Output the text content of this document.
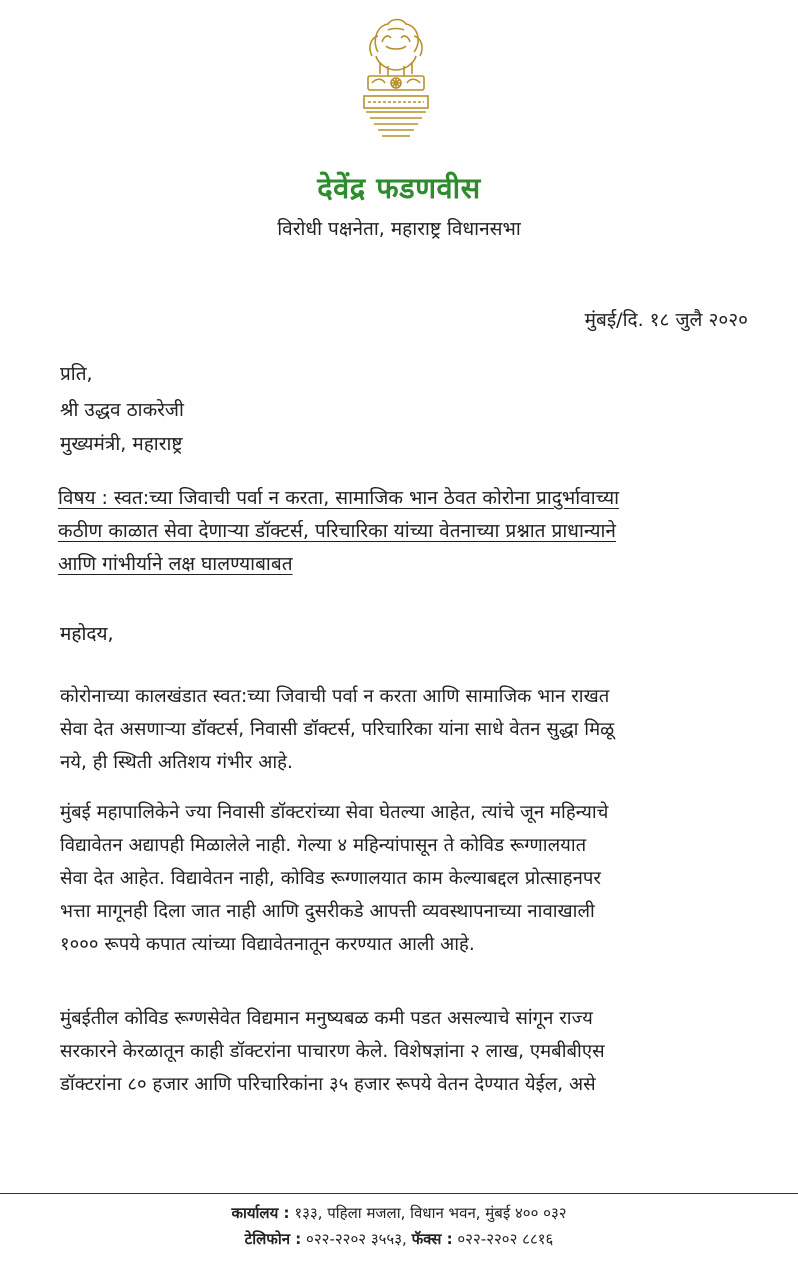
देवेंद्र फडणवीस
विरोधी पक्षनेता, महाराष्ट्र विधानसभा
मुंबई/दि. १८ जुलै २०२०
प्रति,
श्री उद्धव ठाकरेजी
मुख्यमंत्री, महाराष्ट्र
विषय : स्वत:च्या जिवाची पर्वा न करता, सामाजिक भान ठेवत कोरोना प्रादुर्भावाच्या
कठीण काळात सेवा देणाऱ्या डॉक्टर्स, परिचारिका यांच्या वेतनाच्या प्रश्नात प्राधान्याने
आणि गांभीर्याने लक्ष घालण्याबाबत
महोदय,
कोरोनाच्या कालखंडात स्वत:च्या जिवाची पर्वा न करता आणि सामाजिक भान राखत
सेवा देत असणाऱ्या डॉक्टर्स, निवासी डॉक्टर्स, परिचारिका यांना साधे वेतन सुद्धा मिळू
नये, ही स्थिती अतिशय गंभीर आहे.
मुंबई महापालिकेने ज्या निवासी डॉक्टरांच्या सेवा घेतल्या आहेत, त्यांचे जून महिन्याचे
विद्यावेतन अद्यापही मिळालेले नाही. गेल्या ४ महिन्यांपासून ते कोविड रूग्णालयात
सेवा देत आहेत. विद्यावेतन नाही, कोविड रूग्णालयात काम केल्याबद्दल प्रोत्साहनपर
भत्ता मागूनही दिला जात नाही आणि दुसरीकडे आपत्ती व्यवस्थापनाच्या नावाखाली
१००० रूपये कपात त्यांच्या विद्यावेतनातून करण्यात आली आहे.
मुंबईतील कोविड रूग्णसेवेत विद्यमान मनुष्यबळ कमी पडत असल्याचे सांगून राज्य
सरकारने केरळातून काही डॉक्टरांना पाचारण केले. विशेषज्ञांना २ लाख, एमबीबीएस
डॉक्टरांना ८० हजार आणि परिचारिकांना ३५ हजार रूपये वेतन देण्यात येईल, असे
कार्यालय : १३३, पहिला मजला, विधान भवन, मुंबई ४०० ०३२
टेलिफोन : ०२२-२२०२ ३५५३, फॅक्स : ०२२-२२०२ ८८१६
